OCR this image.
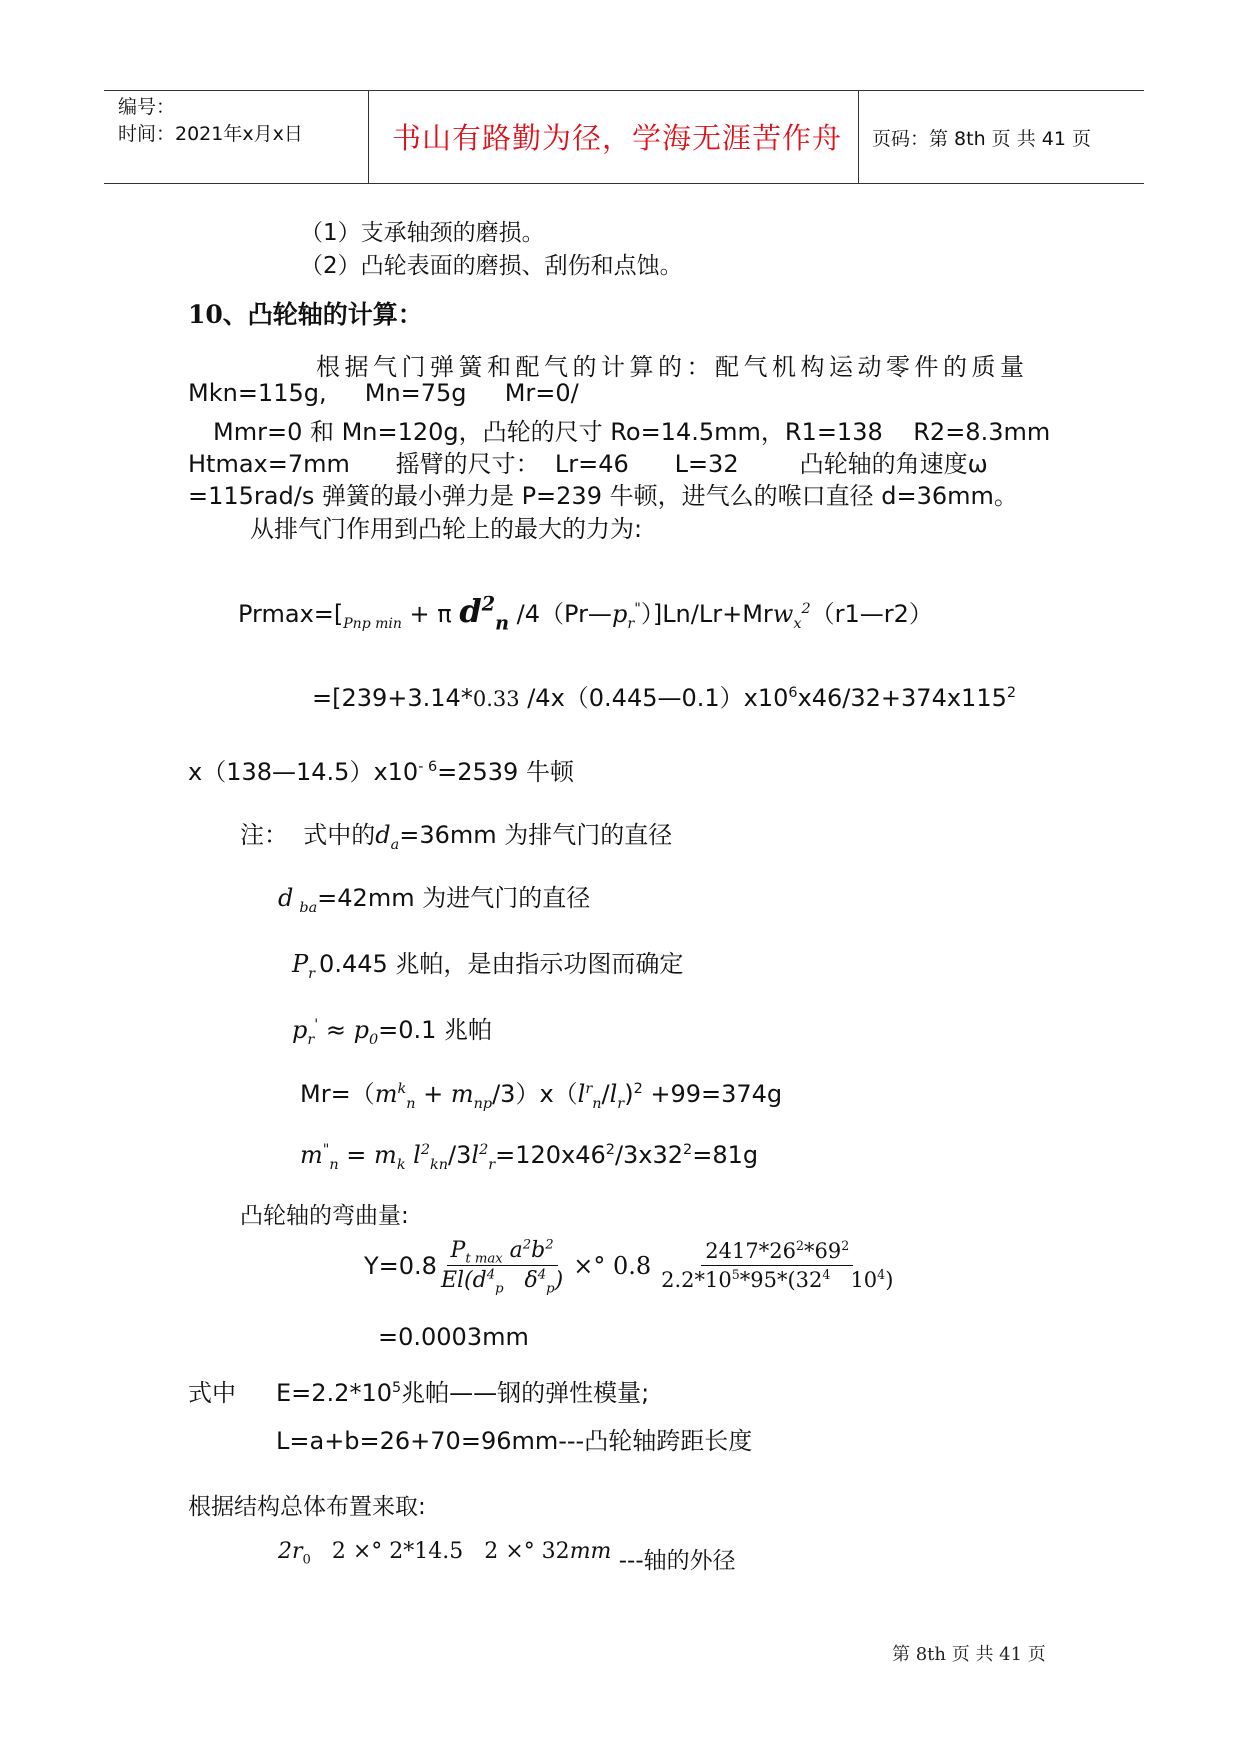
编号：
时间：2021年x月x日	书山有路勤为径，学海无涯苦作舟 页码：第 8th 页 共 41 页
（1）支承轴颈的磨损。
（2）凸轮表面的磨损、刮伤和点蚀。
10、凸轮轴的计算：
根据气门弹簧和配气的计算的：配气机构运动零件的质量
Mkn=115g,     Mn=75g     Mr=0/
Mmr=0 和 Mn=120g，凸轮的尺寸 Ro=14.5mm，R1=138    R2=8.3mm
Htmax=7mm      摇臂的尺寸：  Lr=46      L=32        凸轮轴的角速度ω
=115rad/s 弹簧的最小弹力是 P=239 牛顿，进气么的喉口直径 d=36mm。
从排气门作用到凸轮上的最大的力为:
$Prmax=[_{Pnp min} + \pi$ $d^2_n$ $/4(Pr—p_r^")]Ln/Lr+Mrw_x^2(r1—r2)$
=[239+3.14*0.33 $/4x(0.445—0.1)x10^6x46/32+374x115^2$
$x(138—14.5)x10^{- 6}=2539$ 牛顿
注：  式中的$d_a=36mm$ 为排气门的直径
d $_{ba}$=42mm 为进气门的直径
$P_r$ 0.445 兆帕，是由指示功图而确定
$p_r' \approx p_0=0.1$ 兆帕
$Mr=(m^k_n + m_{np}/3)x(l^r_n/l_r)^2 +99=374g$
$m^"_n = m_k$ $l^2_{kn}/3l^2_r=120x46^2/3x32^2=81g$
凸轮轴的弯曲量:
$Y=0.8 \frac{P_{t max} a^2b^2}{El(d^4_p \delta^4_p)}$ ×° $0.8 \frac{2417*26^2*69^2}{2.2*10^5*95*(32^4 10^4)}$
=0.0003mm
式中 $E=2.2*10^5$兆帕——钢的弹性模量;
L=a+b=26+70=96mm---凸轮轴跨距长度
根据结构总体布置来取:
$2r_0$   2 ×° 2*14.5   2 ×° 32mm ---轴的外径
第 8th 页 共 41 页
